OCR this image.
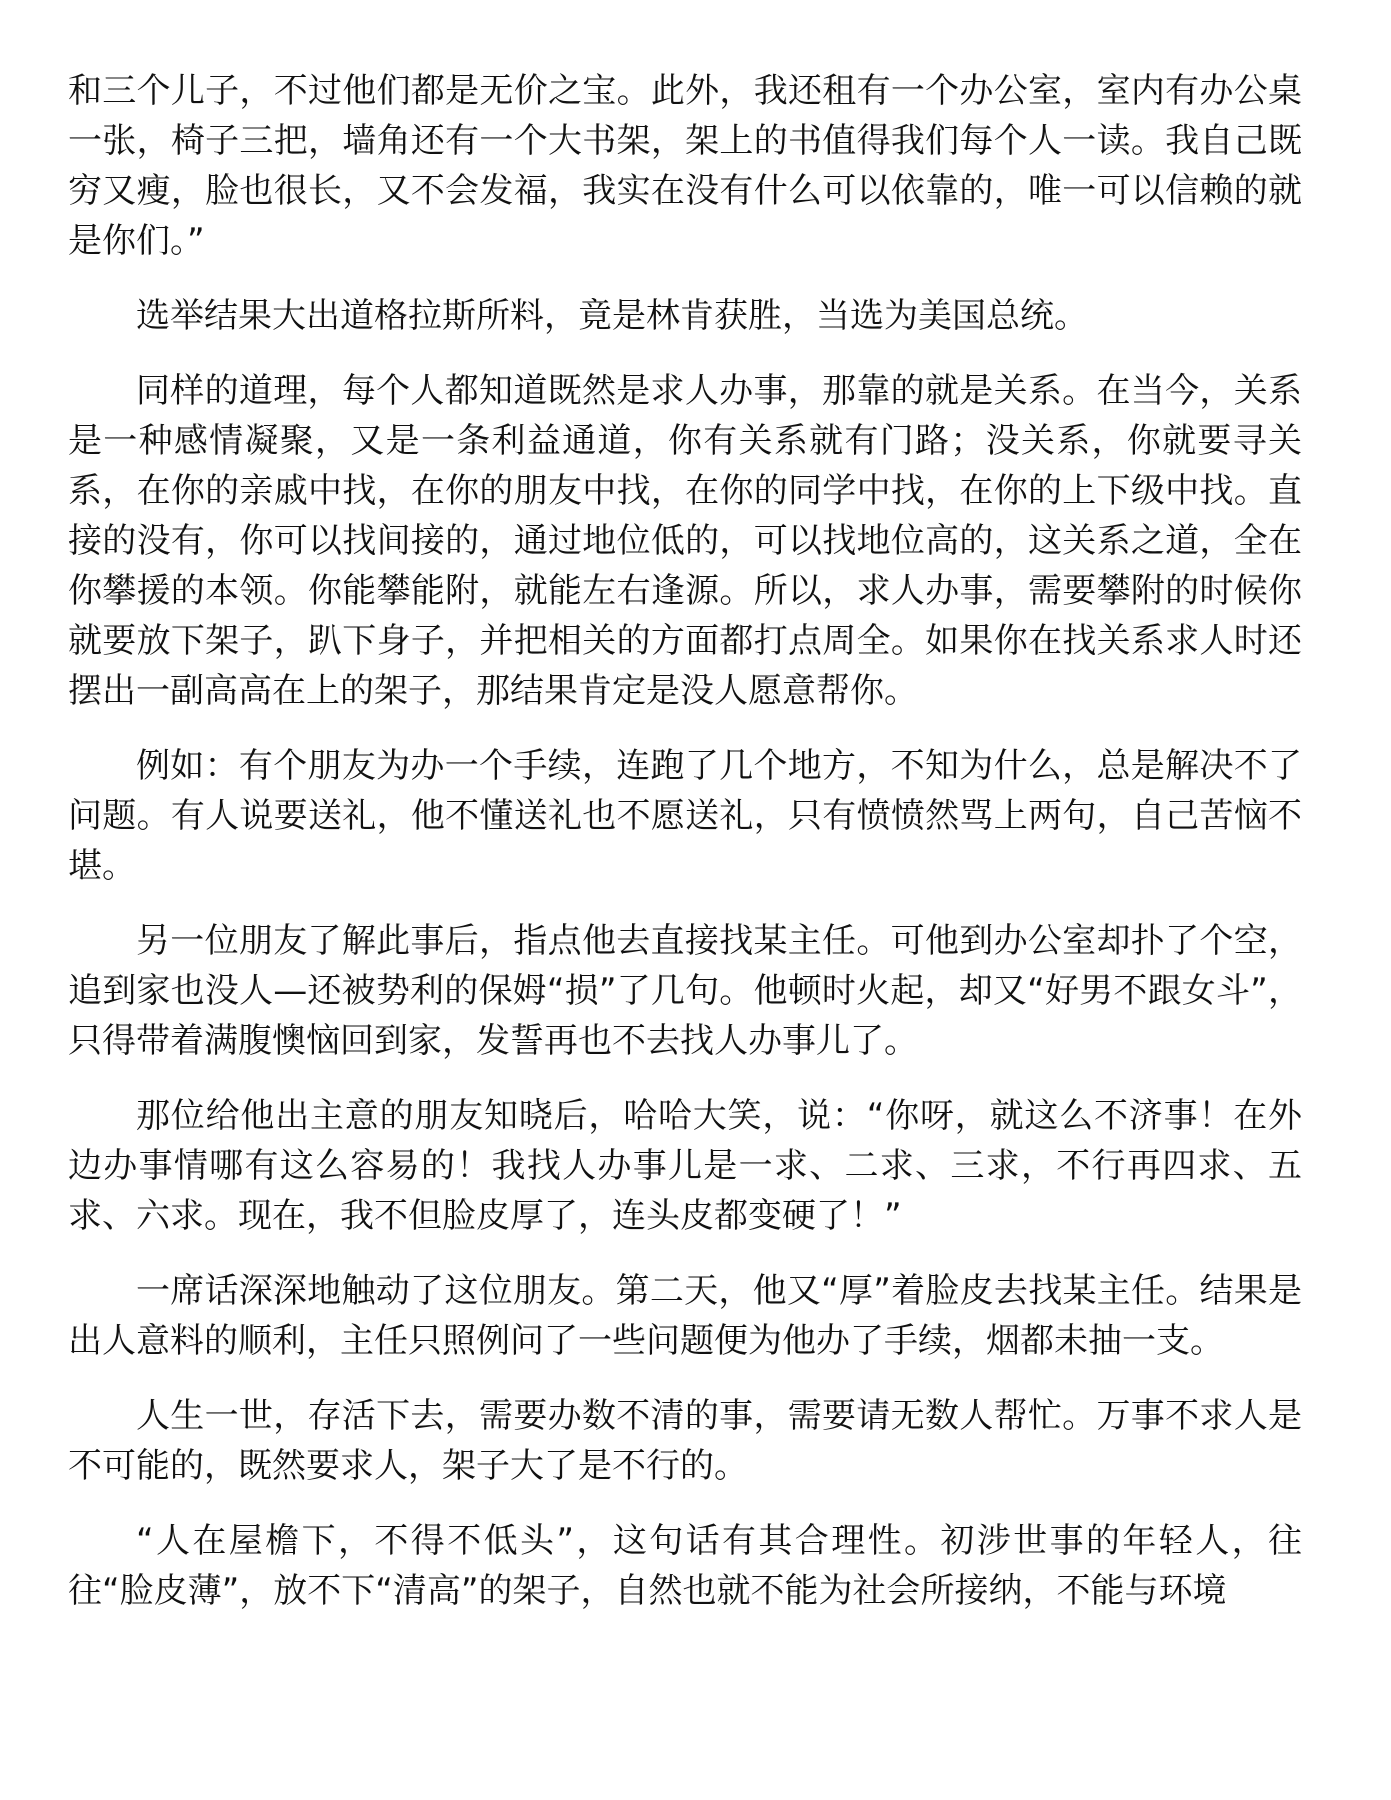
和三个儿子，不过他们都是无价之宝。此外，我还租有一个办公室，室内有办公桌一张，椅子三把，墙角还有一个大书架，架上的书值得我们每个人一读。我自己既穷又瘦，脸也很长，又不会发福，我实在没有什么可以依靠的，唯一可以信赖的就是你们。”

选举结果大出道格拉斯所料，竟是林肯获胜，当选为美国总统。

同样的道理，每个人都知道既然是求人办事，那靠的就是关系。在当今，关系是一种感情凝聚，又是一条利益通道，你有关系就有门路；没关系，你就要寻关系，在你的亲戚中找，在你的朋友中找，在你的同学中找，在你的上下级中找。直接的没有，你可以找间接的，通过地位低的，可以找地位高的，这关系之道，全在你攀援的本领。你能攀能附，就能左右逢源。所以，求人办事，需要攀附的时候你就要放下架子，趴下身子，并把相关的方面都打点周全。如果你在找关系求人时还摆出一副高高在上的架子，那结果肯定是没人愿意帮你。

例如：有个朋友为办一个手续，连跑了几个地方，不知为什么，总是解决不了问题。有人说要送礼，他不懂送礼也不愿送礼，只有愤愤然骂上两句，自己苦恼不堪。

另一位朋友了解此事后，指点他去直接找某主任。可他到办公室却扑了个空，追到家也没人—还被势利的保姆“损”了几句。他顿时火起，却又“好男不跟女斗”，只得带着满腹懊恼回到家，发誓再也不去找人办事儿了。

那位给他出主意的朋友知晓后，哈哈大笑，说：“你呀，就这么不济事！在外边办事情哪有这么容易的！我找人办事儿是一求、二求、三求，不行再四求、五求、六求。现在，我不但脸皮厚了，连头皮都变硬了！”

一席话深深地触动了这位朋友。第二天，他又“厚”着脸皮去找某主任。结果是出人意料的顺利，主任只照例问了一些问题便为他办了手续，烟都未抽一支。

人生一世，存活下去，需要办数不清的事，需要请无数人帮忙。万事不求人是不可能的，既然要求人，架子大了是不行的。

“人在屋檐下，不得不低头”，这句话有其合理性。初涉世事的年轻人，往往“脸皮薄”，放不下“清高”的架子，自然也就不能为社会所接纳，不能与环境
